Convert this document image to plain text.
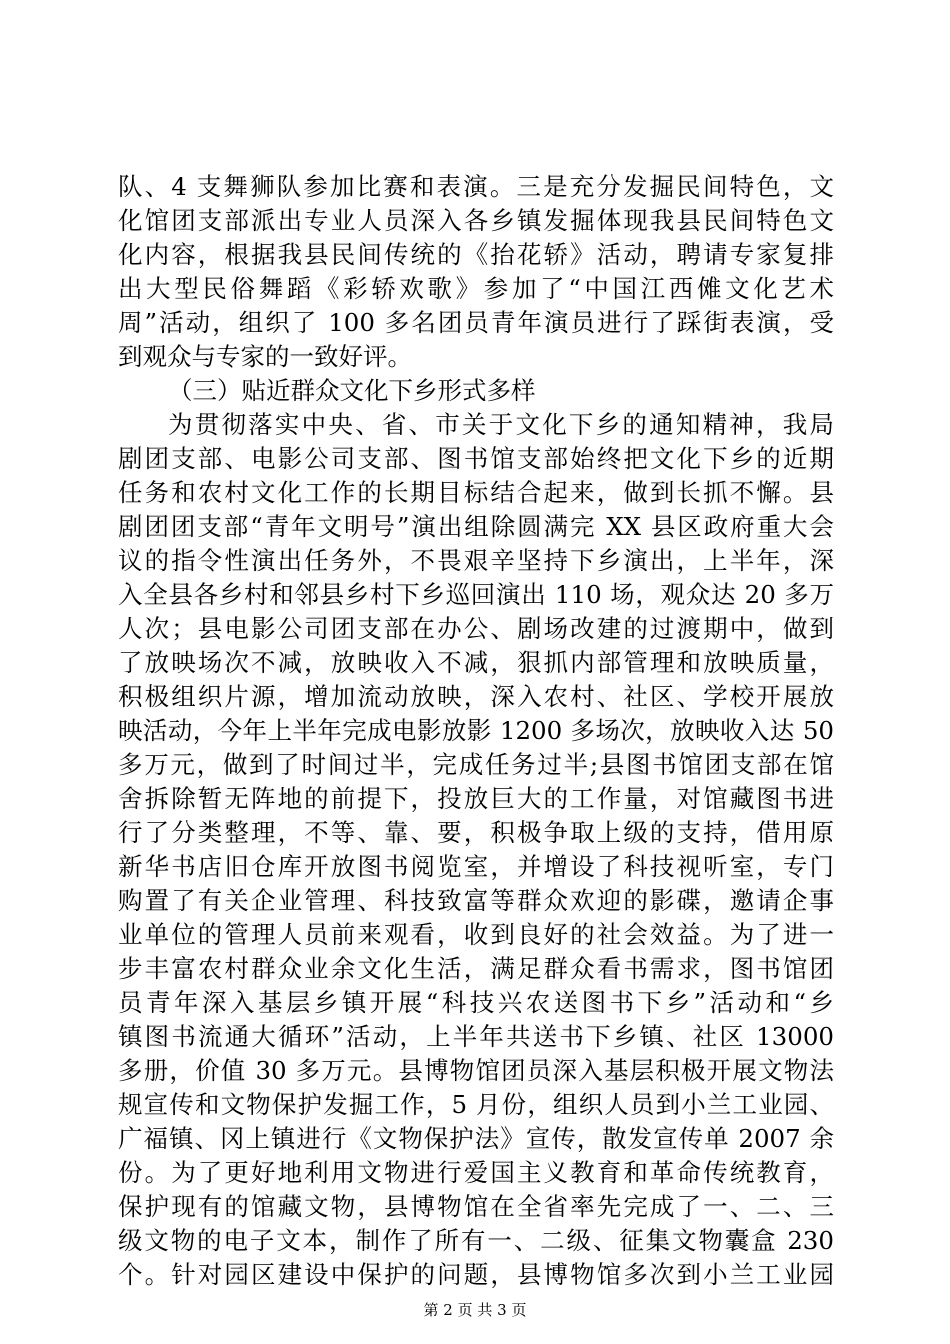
队、4 支舞狮队参加比赛和表演。三是充分发掘民间特色，文
化馆团支部派出专业人员深入各乡镇发掘体现我县民间特色文
化内容，根据我县民间传统的《抬花轿》活动，聘请专家复排
出大型民俗舞蹈《彩轿欢歌》参加了“中国江西傩文化艺术
周”活动，组织了 100 多名团员青年演员进行了踩街表演，受
到观众与专家的一致好评。
（三）贴近群众文化下乡形式多样
为贯彻落实中央、省、市关于文化下乡的通知精神，我局
剧团支部、电影公司支部、图书馆支部始终把文化下乡的近期
任务和农村文化工作的长期目标结合起来，做到长抓不懈。县
剧团团支部“青年文明号”演出组除圆满完 XX 县区政府重大会
议的指令性演出任务外，不畏艰辛坚持下乡演出，上半年，深
入全县各乡村和邻县乡村下乡巡回演出 110 场，观众达 20 多万
人次；县电影公司团支部在办公、剧场改建的过渡期中，做到
了放映场次不减，放映收入不减，狠抓内部管理和放映质量，
积极组织片源，增加流动放映，深入农村、社区、学校开展放
映活动，今年上半年完成电影放影 1200 多场次，放映收入达 50
多万元，做到了时间过半，完成任务过半;县图书馆团支部在馆
舍拆除暂无阵地的前提下，投放巨大的工作量，对馆藏图书进
行了分类整理，不等、靠、要，积极争取上级的支持，借用原
新华书店旧仓库开放图书阅览室，并增设了科技视听室，专门
购置了有关企业管理、科技致富等群众欢迎的影碟，邀请企事
业单位的管理人员前来观看，收到良好的社会效益。为了进一
步丰富农村群众业余文化生活，满足群众看书需求，图书馆团
员青年深入基层乡镇开展“科技兴农送图书下乡”活动和“乡
镇图书流通大循环”活动，上半年共送书下乡镇、社区 13000
多册，价值 30 多万元。县博物馆团员深入基层积极开展文物法
规宣传和文物保护发掘工作，5 月份，组织人员到小兰工业园、
广福镇、冈上镇进行《文物保护法》宣传，散发宣传单 2007 余
份。为了更好地利用文物进行爱国主义教育和革命传统教育，
保护现有的馆藏文物，县博物馆在全省率先完成了一、二、三
级文物的电子文本，制作了所有一、二级、征集文物囊盒 230
第 2 页 共 3 页
个。针对园区建设中保护的问题，县博物馆多次到小兰工业园
